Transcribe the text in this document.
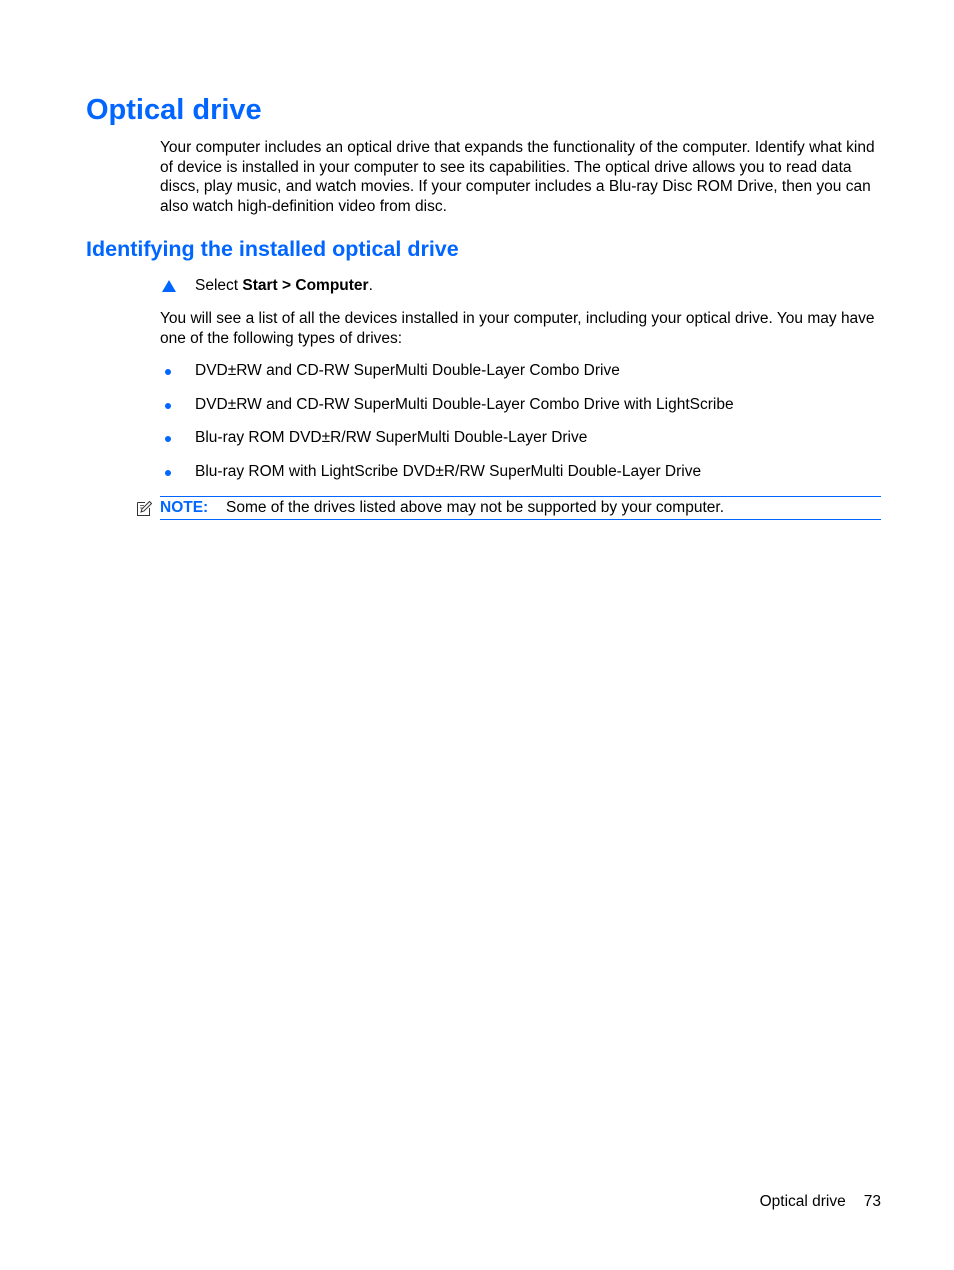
Optical drive

Your computer includes an optical drive that expands the functionality of the computer. Identify what kind of device is installed in your computer to see its capabilities. The optical drive allows you to read data discs, play music, and watch movies. If your computer includes a Blu-ray Disc ROM Drive, then you can also watch high-definition video from disc.

Identifying the installed optical drive
Select Start > Computer.

You will see a list of all the devices installed in your computer, including your optical drive. You may have one of the following types of drives:

DVD±RW and CD-RW SuperMulti Double-Layer Combo Drive
DVD±RW and CD-RW SuperMulti Double-Layer Combo Drive with LightScribe
Blu-ray ROM DVD±R/RW SuperMulti Double-Layer Drive
Blu-ray ROM with LightScribe DVD±R/RW SuperMulti Double-Layer Drive
NOTE: Some of the drives listed above may not be supported by your computer.
Optical drive 73
